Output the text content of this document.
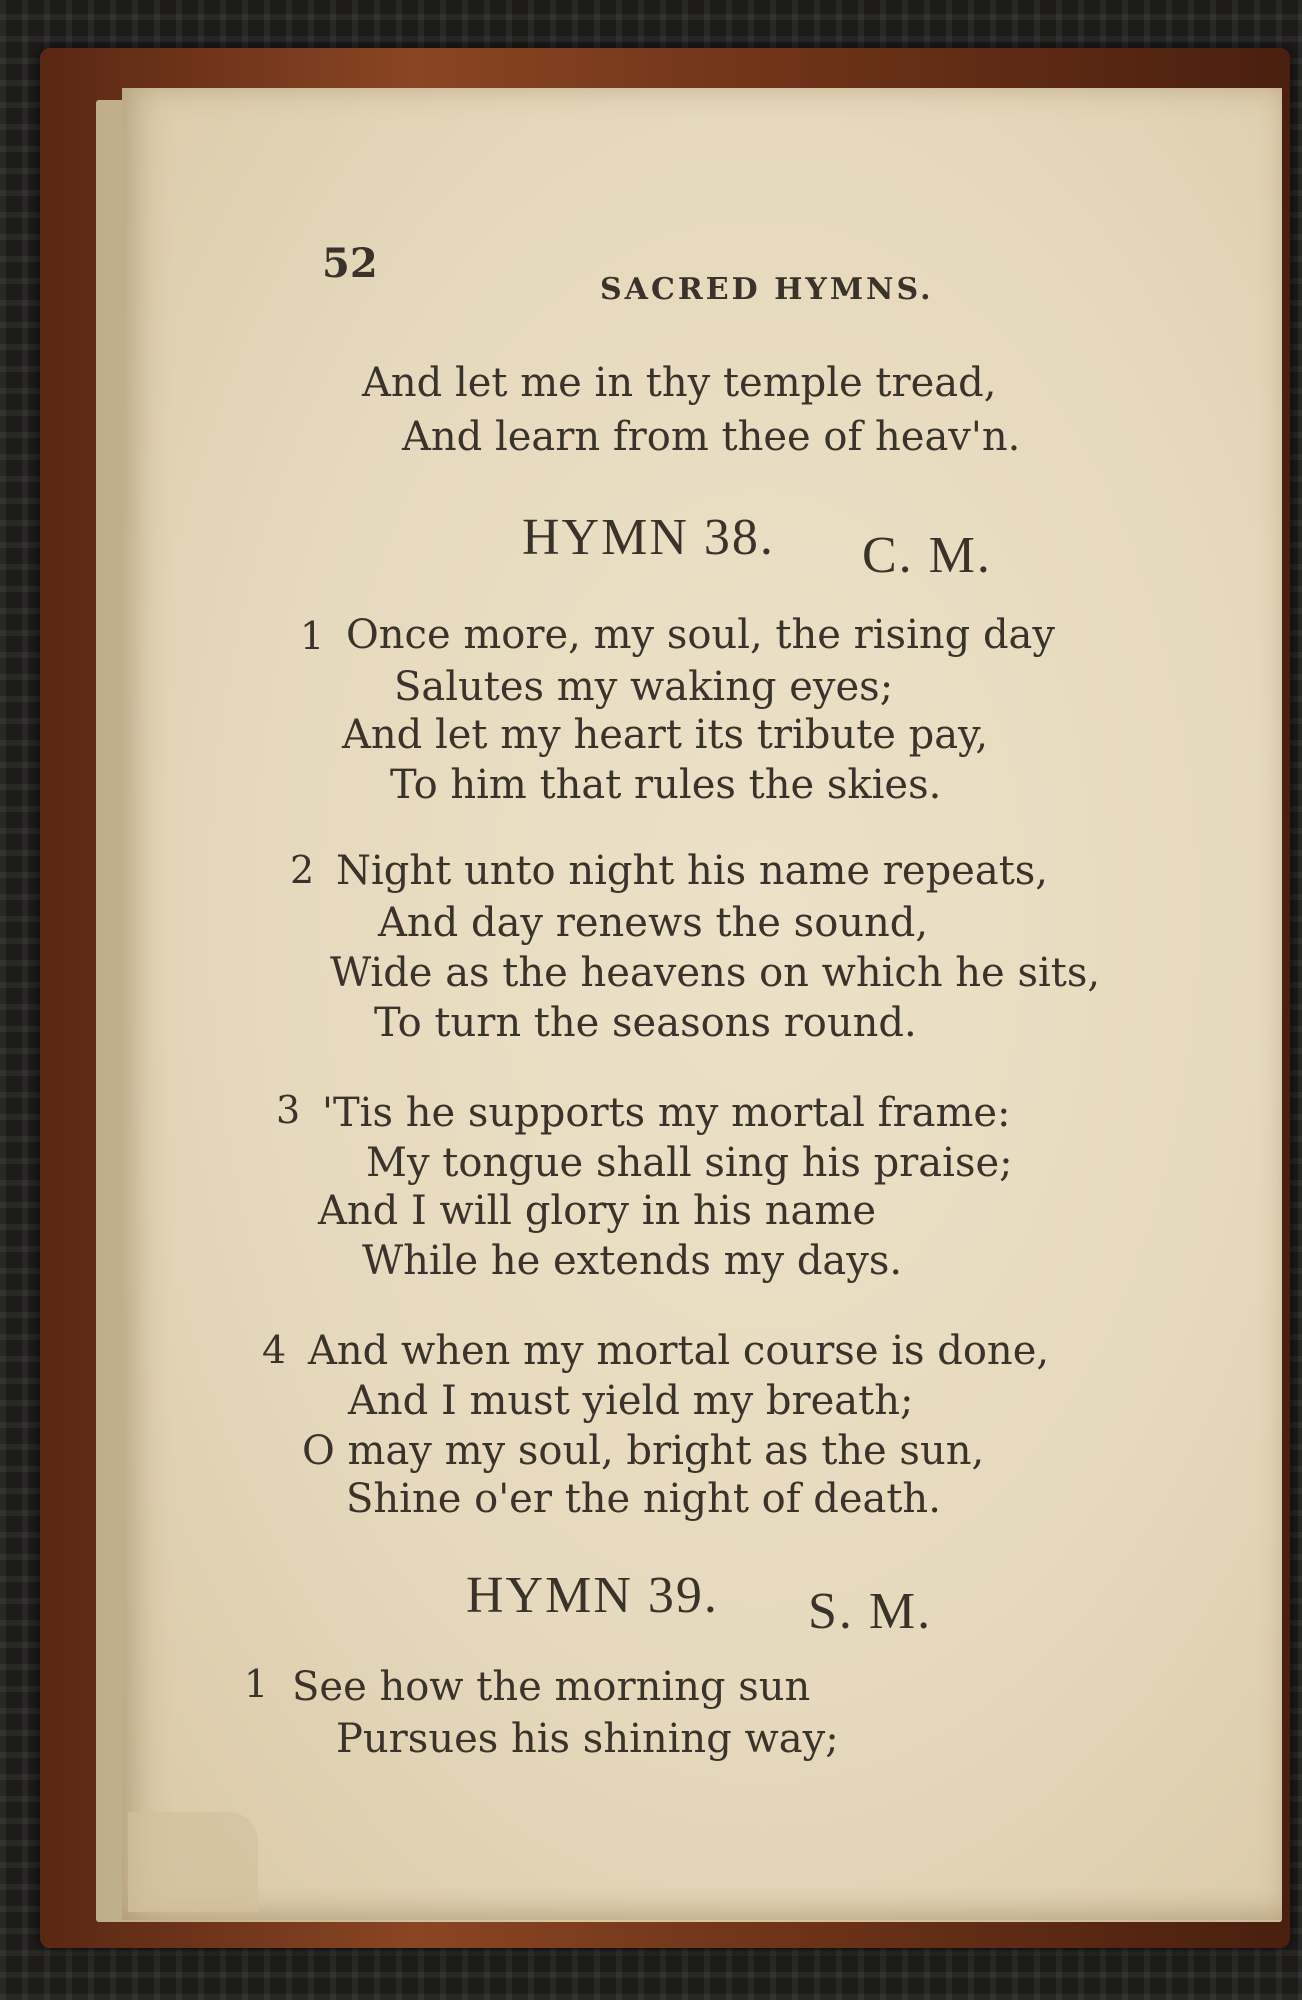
52
SACRED HYMNS.
And let me in thy temple tread,
And learn from thee of heav'n.
HYMN 38. C. M.
1 Once more, my soul, the rising day
Salutes my waking eyes;
And let my heart its tribute pay,
To him that rules the skies.
2 Night unto night his name repeats,
And day renews the sound,
Wide as the heavens on which he sits,
To turn the seasons round.
3 'Tis he supports my mortal frame:
My tongue shall sing his praise;
And I will glory in his name
While he extends my days.
4 And when my mortal course is done,
And I must yield my breath;
O may my soul, bright as the sun,
Shine o'er the night of death.
HYMN 39. S. M.
1 See how the morning sun
Pursues his shining way;
